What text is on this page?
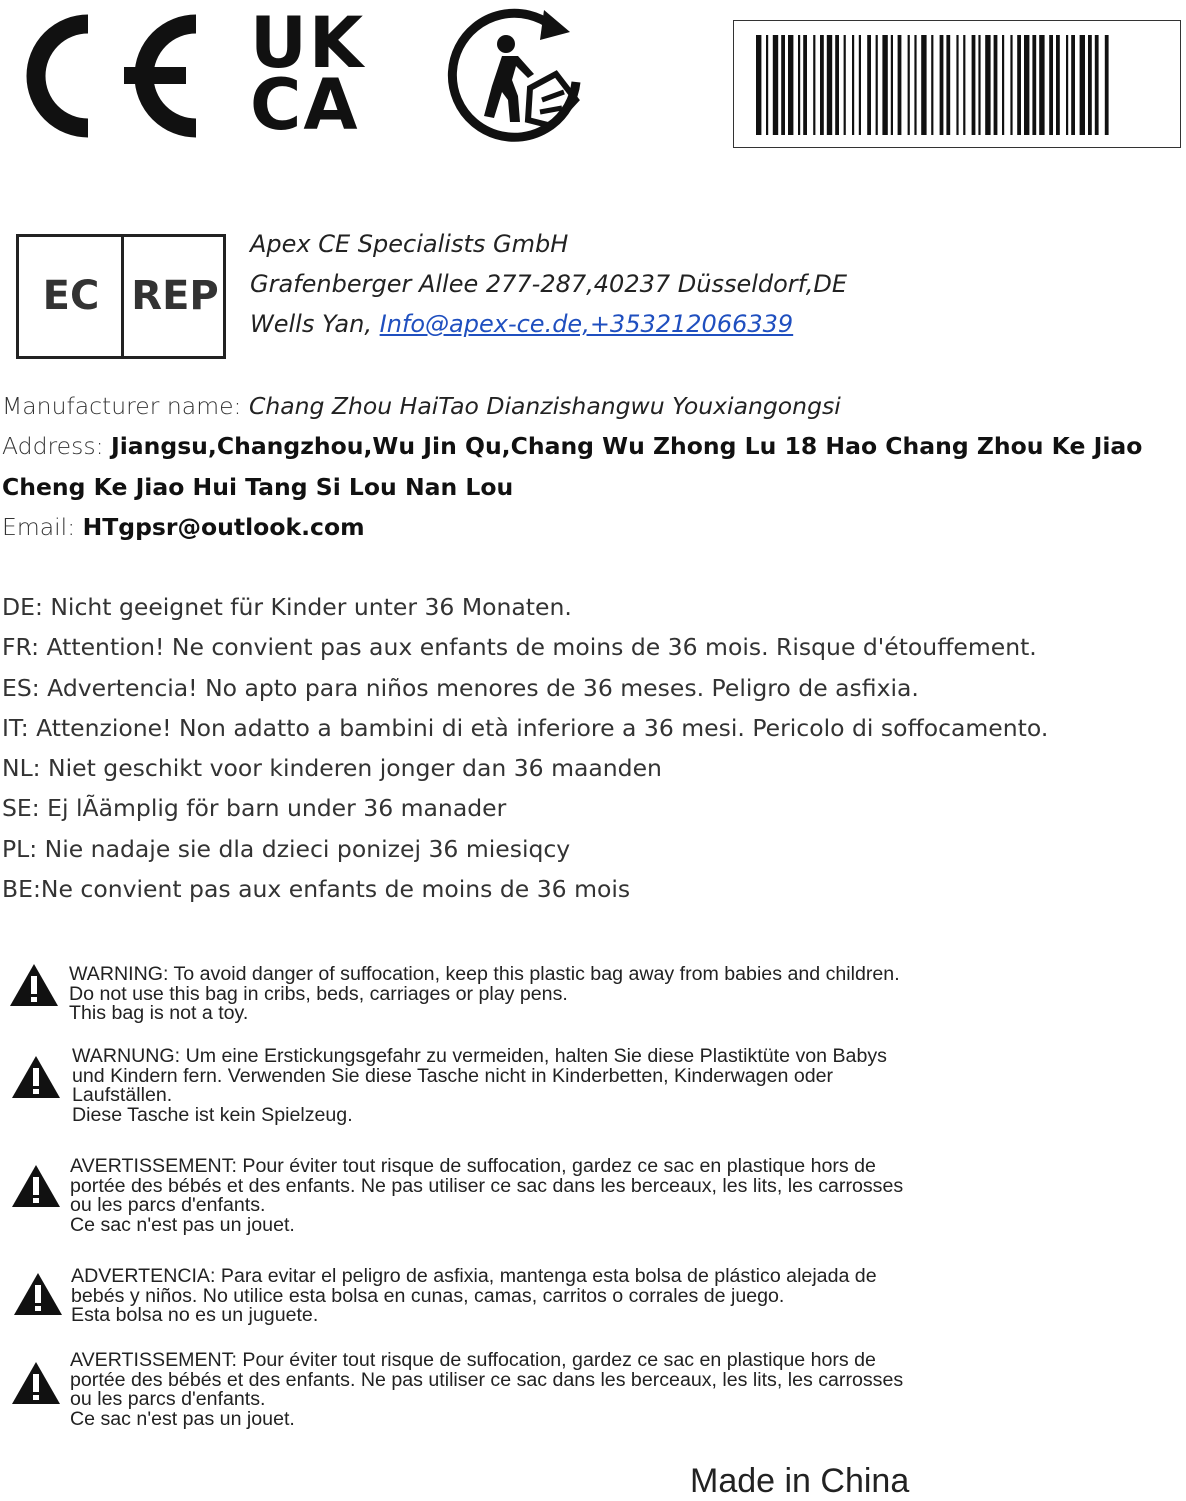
UK
CA
EC REP
Apex CE Specialists GmbH
Grafenberger Allee 277-287,40237 Düsseldorf,DE
Wells Yan, Info@apex-ce.de,+353212066339
Manufacturer name: Chang Zhou HaiTao Dianzishangwu Youxiangongsi
Address: Jiangsu,Changzhou,Wu Jin Qu,Chang Wu Zhong Lu 18 Hao Chang Zhou Ke Jiao Cheng Ke Jiao Hui Tang Si Lou Nan Lou
Email: HTgpsr@outlook.com
DE: Nicht geeignet für Kinder unter 36 Monaten.
FR: Attention! Ne convient pas aux enfants de moins de 36 mois. Risque d'étouffement.
ES: Advertencia! No apto para niños menores de 36 meses. Peligro de asfixia.
IT: Attenzione! Non adatto a bambini di età inferiore a 36 mesi. Pericolo di soffocamento.
NL: Niet geschikt voor kinderen jonger dan 36 maanden
SE: Ej lÃämplig för barn under 36 manader
PL: Nie nadaje sie dla dzieci ponizej 36 miesiqcy
BE:Ne convient pas aux enfants de moins de 36 mois
WARNING: To avoid danger of suffocation, keep this plastic bag away from babies and children.
Do not use this bag in cribs, beds, carriages or play pens.
This bag is not a toy.
WARNUNG: Um eine Erstickungsgefahr zu vermeiden, halten Sie diese Plastiktüte von Babys
und Kindern fern. Verwenden Sie diese Tasche nicht in Kinderbetten, Kinderwagen oder
Laufställen.
Diese Tasche ist kein Spielzeug.
AVERTISSEMENT: Pour éviter tout risque de suffocation, gardez ce sac en plastique hors de
portée des bébés et des enfants. Ne pas utiliser ce sac dans les berceaux, les lits, les carrosses
ou les parcs d'enfants.
Ce sac n'est pas un jouet.
ADVERTENCIA: Para evitar el peligro de asfixia, mantenga esta bolsa de plástico alejada de
bebés y niños. No utilice esta bolsa en cunas, camas, carritos o corrales de juego.
Esta bolsa no es un juguete.
AVERTISSEMENT: Pour éviter tout risque de suffocation, gardez ce sac en plastique hors de
portée des bébés et des enfants. Ne pas utiliser ce sac dans les berceaux, les lits, les carrosses
ou les parcs d'enfants.
Ce sac n'est pas un jouet.
Made in China
